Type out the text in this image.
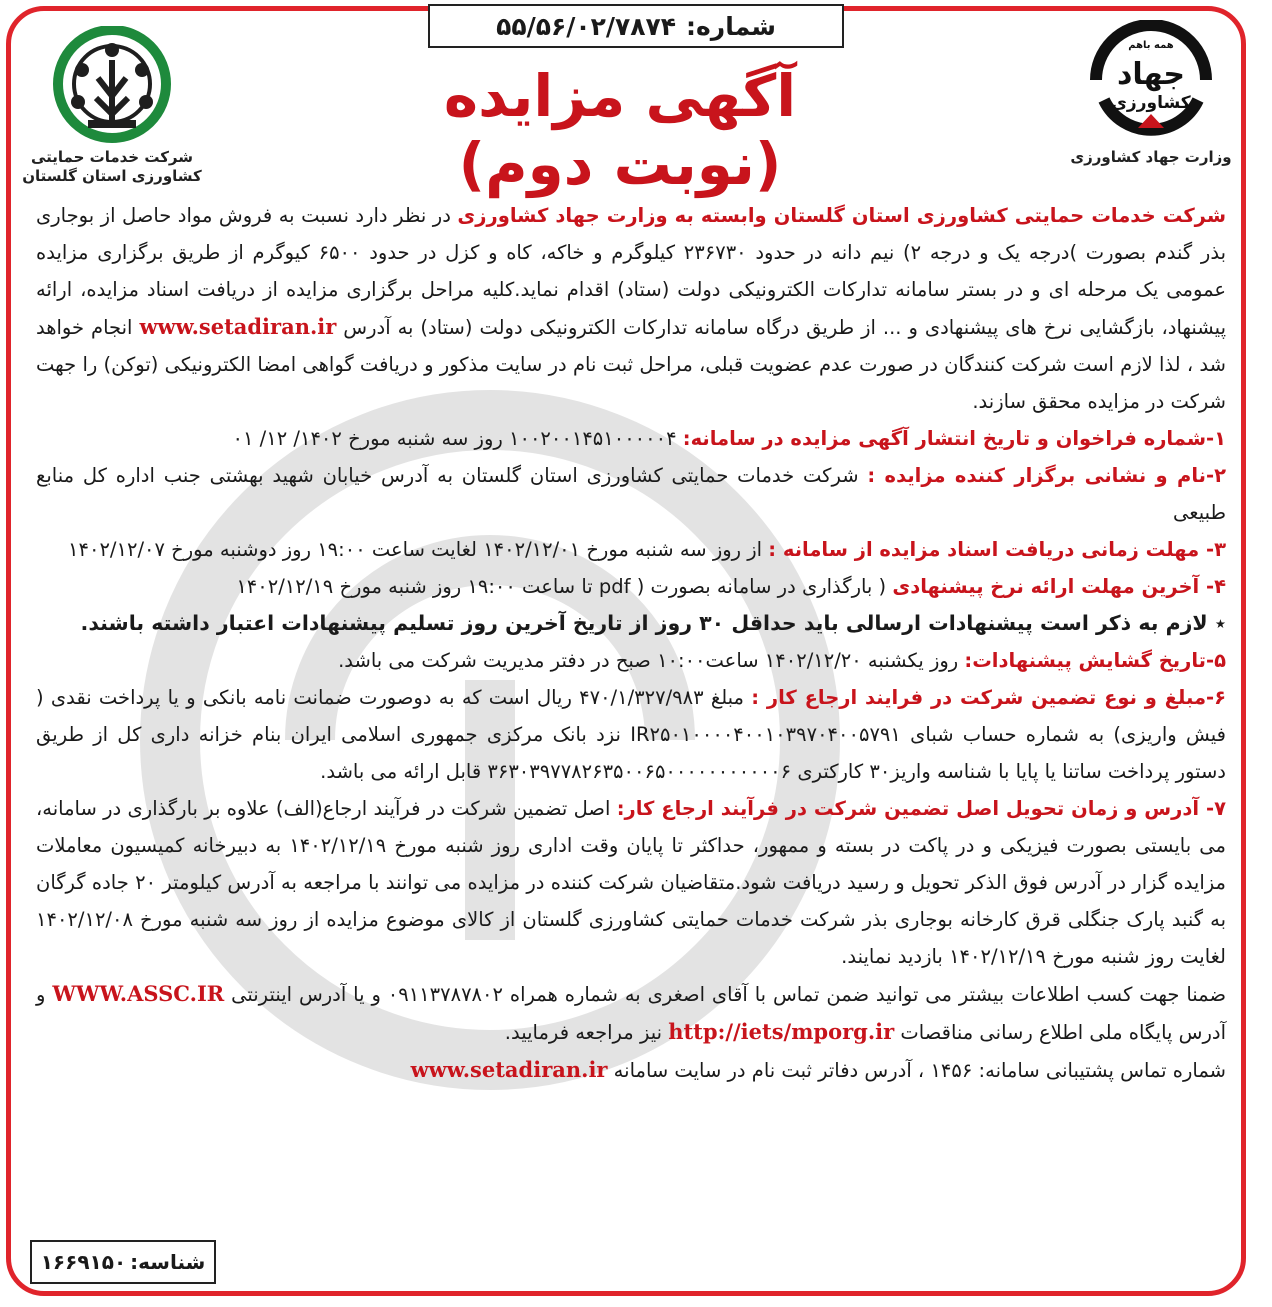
شماره:
۵۵/۵۶/۰۲/۷۸۷۴
آگهی مزایده (نوبت دوم)
شرکت خدمات حمایتی
کشاورزی استان گلستان
همه باهم
جهاد
کشاورزی
وزارت جهاد کشاورزی

شرکت خدمات حمایتی کشاورزی استان گلستان وابسته به وزارت جهاد کشاورزی در نظر دارد نسبت به فروش مواد حاصل از بوجاری بذر گندم بصورت )درجه یک و درجه ۲) نیم دانه در حدود ۲۳۶۷۳۰ کیلوگرم و خاکه، کاه و کزل در حدود ۶۵۰۰ کیوگرم از طریق برگزاری مزایده عمومی یک مرحله ای و در بستر سامانه تدارکات الکترونیکی دولت (ستاد) اقدام نماید.کلیه مراحل برگزاری مزایده از دریافت اسناد مزایده، ارائه پیشنهاد، بازگشایی نرخ های پیشنهادی و ... از طریق درگاه سامانه تدارکات الکترونیکی دولت (ستاد) به آدرس www.setadiran.ir انجام خواهد شد ، لذا لازم است شرکت کنندگان در صورت عدم عضویت قبلی، مراحل ثبت نام در سایت مذکور و دریافت گواهی امضا الکترونیکی (توکن) را جهت شرکت در مزایده محقق سازند.

۱-شماره فراخوان و تاریخ انتشار آگهی مزایده در سامانه: ۱۰۰۲۰۰۱۴۵۱۰۰۰۰۰۴ روز سه شنبه مورخ ۱۴۰۲/ ۱۲/ ۰۱

۲-نام و نشانی برگزار کننده مزایده : شرکت خدمات حمایتی کشاورزی استان گلستان به آدرس خیابان شهید بهشتی جنب اداره کل منابع طبیعی

۳- مهلت زمانی دریافت اسناد مزایده از سامانه : از روز سه شنبه مورخ ۱۴۰۲/۱۲/۰۱ لغایت ساعت ۱۹:۰۰ روز دوشنبه مورخ ۱۴۰۲/۱۲/۰۷

۴- آخرین مهلت ارائه نرخ پیشنهادی ( بارگذاری در سامانه بصورت ( pdf تا ساعت ۱۹:۰۰ روز شنبه مورخ ۱۴۰۲/۱۲/۱۹

٭ لازم به ذکر است پیشنهادات ارسالی باید حداقل ۳۰ روز از تاریخ آخرین روز تسلیم پیشنهادات اعتبار داشته باشند.

۵-تاریخ گشایش پیشنهادات: روز یکشنبه ۱۴۰۲/۱۲/۲۰ ساعت۱۰:۰۰ صبح در دفتر مدیریت شرکت می باشد.

۶-مبلغ و نوع تضمین شرکت در فرایند ارجاع کار : مبلغ ۴۷۰/۱/۳۲۷/۹۸۳ ریال است که به دوصورت ضمانت نامه بانکی و یا پرداخت نقدی ( فیش واریزی) به شماره حساب شبای IR۲۵۰۱۰۰۰۰۴۰۰۱۰۳۹۷۰۴۰۰۵۷۹۱ نزد بانک مرکزی جمهوری اسلامی ایران بنام خزانه داری کل از طریق دستور پرداخت ساتنا یا پایا با شناسه واریز۳۰ کارکتری ۳۶۳۰۳۹۷۷۸۲۶۳۵۰۰۶۵۰۰۰۰۰۰۰۰۰۰۰۶ قابل ارائه می باشد.

۷- آدرس و زمان تحویل اصل تضمین شرکت در فرآیند ارجاع کار: اصل تضمین شرکت در فرآیند ارجاع(الف) علاوه بر بارگذاری در سامانه، می بایستی بصورت فیزیکی و در پاکت در بسته و ممهور، حداکثر تا پایان وقت اداری روز شنبه مورخ ۱۴۰۲/۱۲/۱۹ به دبیرخانه کمیسیون معاملات مزایده گزار در آدرس فوق الذکر تحویل و رسید دریافت شود.متقاضیان شرکت کننده در مزایده می توانند با مراجعه به آدرس کیلومتر ۲۰ جاده گرگان به گنبد پارک جنگلی قرق کارخانه بوجاری بذر شرکت خدمات حمایتی کشاورزی گلستان از کالای موضوع مزایده از روز سه شنبه مورخ ۱۴۰۲/۱۲/۰۸ لغایت روز شنبه مورخ ۱۴۰۲/۱۲/۱۹ بازدید نمایند.

ضمنا جهت کسب اطلاعات بیشتر می توانید ضمن تماس با آقای اصغری به شماره همراه ۰۹۱۱۳۷۸۷۸۰۲ و یا آدرس اینترنتی WWW.ASSC.IR و آدرس پایگاه ملی اطلاع رسانی مناقصات http://iets/mporg.ir نیز مراجعه فرمایید.

شماره تماس پشتیبانی سامانه: ۱۴۵۶ ، آدرس دفاتر ثبت نام در سایت سامانه www.setadiran.ir

شناسه:
۱۶۶۹۱۵۰
